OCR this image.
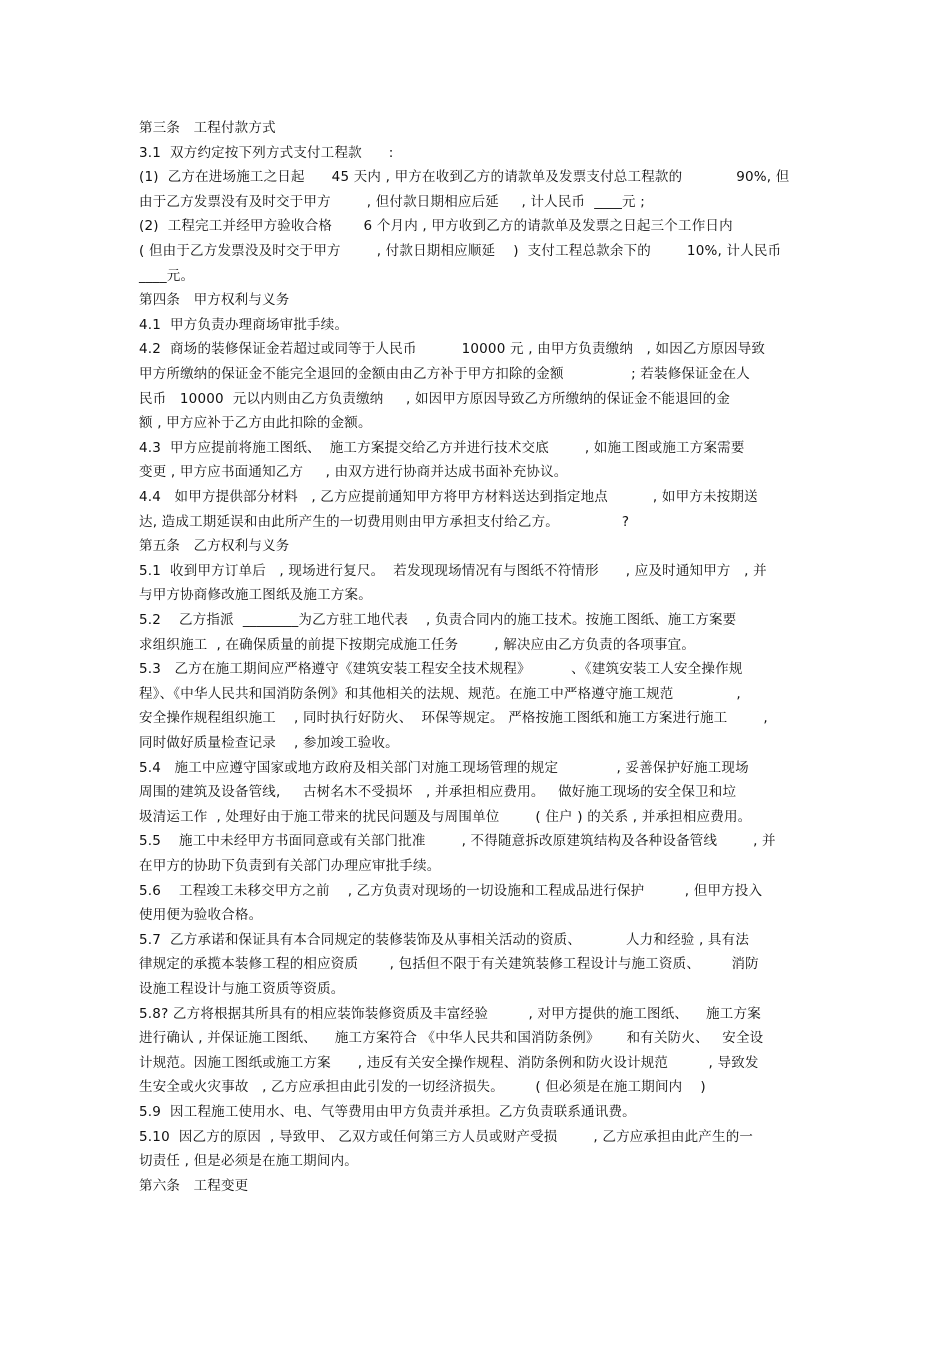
第三条   工程付款方式
3.1  双方约定按下列方式支付工程款      :
(1)  乙方在进场施工之日起      45 天内 , 甲方在收到乙方的请款单及发票支付总工程款的            90%, 但
由于乙方发票没有及时交于甲方        , 但付款日期相应后延     , 计人民币  ____元 ;
(2)  工程完工并经甲方验收合格       6 个月内 , 甲方收到乙方的请款单及发票之日起三个工作日内
( 但由于乙方发票没及时交于甲方        , 付款日期相应顺延    )  支付工程总款余下的        10%, 计人民币
____元。
第四条   甲方权利与义务
4.1  甲方负责办理商场审批手续。
4.2  商场的装修保证金若超过或同等于人民币          10000 元 , 由甲方负责缴纳   , 如因乙方原因导致
甲方所缴纳的保证金不能完全退回的金额由由乙方补于甲方扣除的金额               ; 若装修保证金在人
民币   10000  元以内则由乙方负责缴纳     , 如因甲方原因导致乙方所缴纳的保证金不能退回的金
额 , 甲方应补于乙方由此扣除的金额。
4.3  甲方应提前将施工图纸、  施工方案提交给乙方并进行技术交底        , 如施工图或施工方案需要
变更 , 甲方应书面通知乙方     , 由双方进行协商并达成书面补充协议。
4.4   如甲方提供部分材料   , 乙方应提前通知甲方将甲方材料送达到指定地点          , 如甲方未按期送
达, 造成工期延误和由此所产生的一切费用则由甲方承担支付给乙方。              ?
第五条   乙方权利与义务
5.1  收到甲方订单后   , 现场进行复尺。  若发现现场情况有与图纸不符情形      , 应及时通知甲方   , 并
与甲方协商修改施工图纸及施工方案。
5.2    乙方指派  ________为乙方驻工地代表    , 负责合同内的施工技术。按施工图纸、施工方案要
求组织施工  , 在确保质量的前提下按期完成施工任务        , 解决应由乙方负责的各项事宜。
5.3   乙方在施工期间应严格遵守《建筑安装工程安全技术规程》         、《建筑安装工人安全操作规
程》、《中华人民共和国消防条例》和其他相关的法规、规范。在施工中严格遵守施工规范              ,
安全操作规程组织施工    , 同时执行好防火、  环保等规定。 严格按施工图纸和施工方案进行施工        ,
同时做好质量检查记录    , 参加竣工验收。
5.4   施工中应遵守国家或地方政府及相关部门对施工现场管理的规定             , 妥善保护好施工现场
周围的建筑及设备管线,     古树名木不受损坏   , 并承担相应费用。   做好施工现场的安全保卫和垃
圾清运工作  , 处理好由于施工带来的扰民问题及与周围单位        ( 住户 ) 的关系 , 并承担相应费用。
5.5    施工中未经甲方书面同意或有关部门批准        , 不得随意拆改原建筑结构及各种设备管线        , 并
在甲方的协助下负责到有关部门办理应审批手续。
5.6    工程竣工未移交甲方之前    , 乙方负责对现场的一切设施和工程成品进行保护         , 但甲方投入
使用便为验收合格。
5.7  乙方承诺和保证具有本合同规定的装修装饰及从事相关活动的资质、          人力和经验 , 具有法
律规定的承揽本装修工程的相应资质       , 包括但不限于有关建筑装修工程设计与施工资质、       消防
设施工程设计与施工资质等资质。
5.8? 乙方将根据其所具有的相应装饰装修资质及丰富经验         , 对甲方提供的施工图纸、    施工方案
进行确认 , 并保证施工图纸、    施工方案符合 《中华人民共和国消防条例》      和有关防火、   安全设
计规范。因施工图纸或施工方案      , 违反有关安全操作规程、消防条例和防火设计规范         , 导致发
生安全或火灾事故   , 乙方应承担由此引发的一切经济损失。       ( 但必须是在施工期间内    )
5.9  因工程施工使用水、电、气等费用由甲方负责并承担。乙方负责联系通讯费。
5.10  因乙方的原因  , 导致甲、 乙双方或任何第三方人员或财产受损        , 乙方应承担由此产生的一
切责任 , 但是必须是在施工期间内。
第六条   工程变更
